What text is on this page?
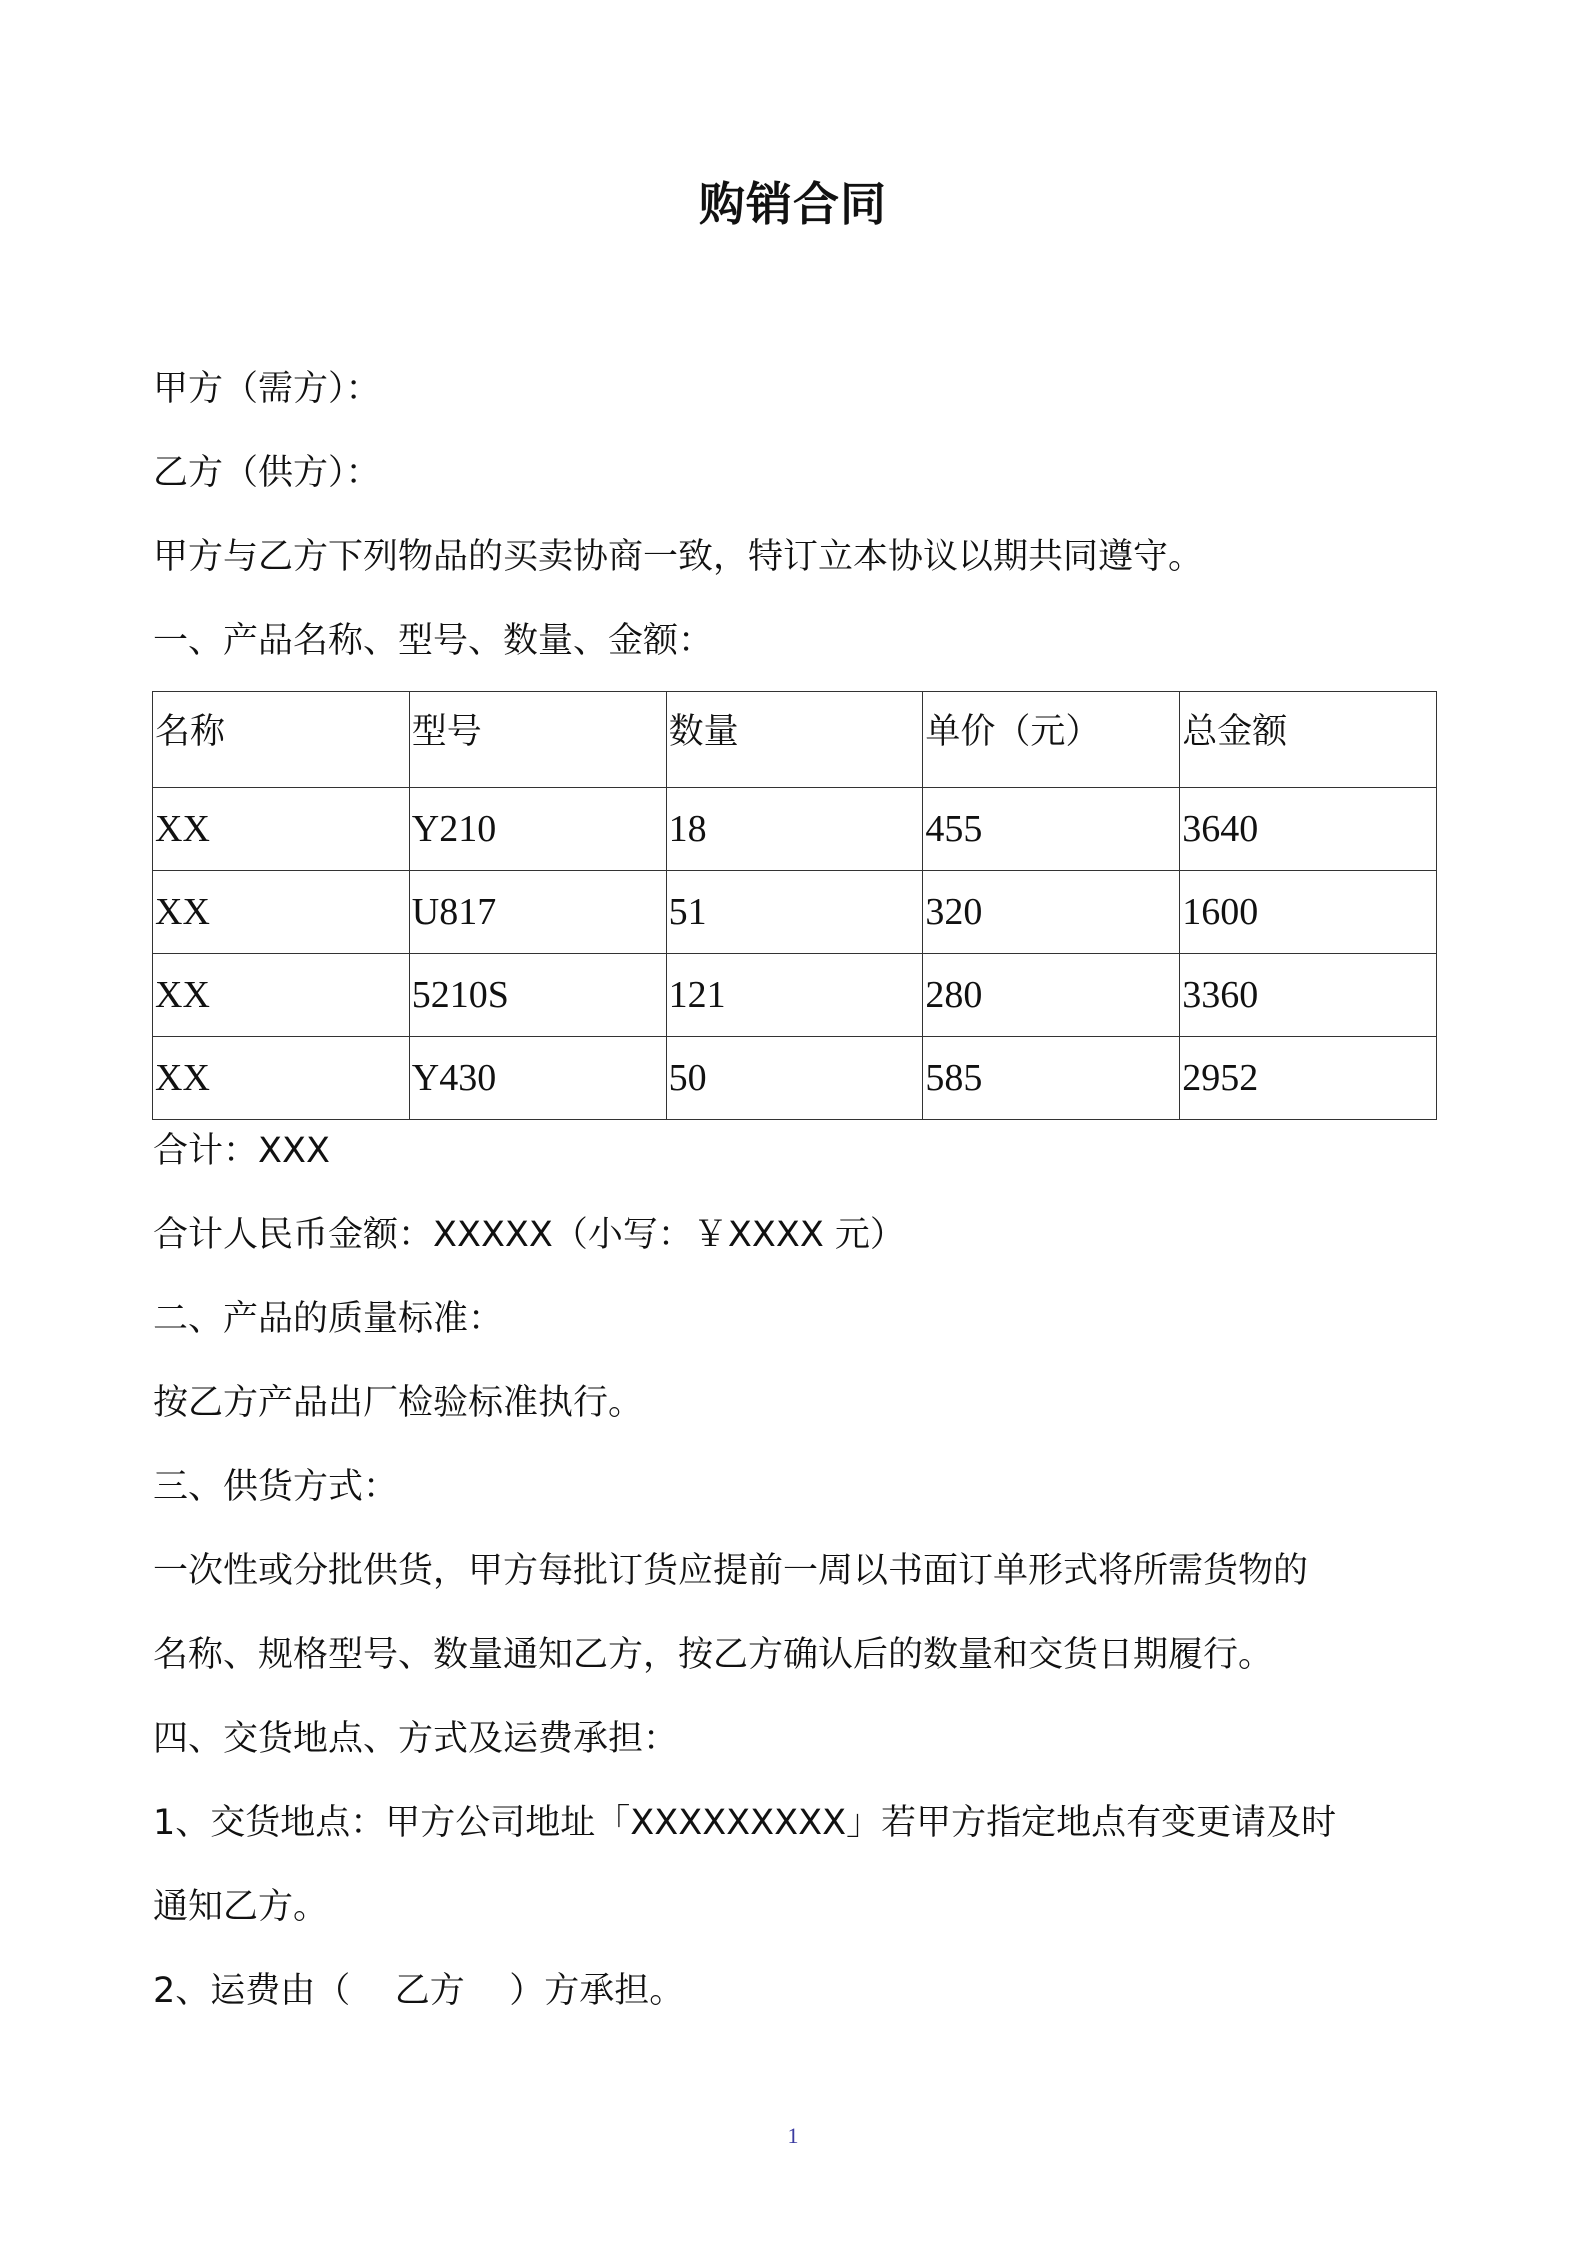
购销合同
甲方（需方）：
乙方（供方）：
甲方与乙方下列物品的买卖协商一致，特订立本协议以期共同遵守。
一、产品名称、型号、数量、金额：
名称	型号	数量	单价（元）	总金额
XX	Y210	18	455	3640
XX	U817	51	320	1600
XX	5210S	121	280	3360
XX	Y430	50	585	2952
合计：XXX
合计人民币金额：XXXXX（小写：￥XXXX 元）
二、产品的质量标准：
按乙方产品出厂检验标准执行。
三、供货方式：
一次性或分批供货，甲方每批订货应提前一周以书面订单形式将所需货物的
名称、规格型号、数量通知乙方，按乙方确认后的数量和交货日期履行。
四、交货地点、方式及运费承担：
1、交货地点：甲方公司地址「XXXXXXXXX」若甲方指定地点有变更请及时
通知乙方。
2、运费由（    乙方    ）方承担。
1
